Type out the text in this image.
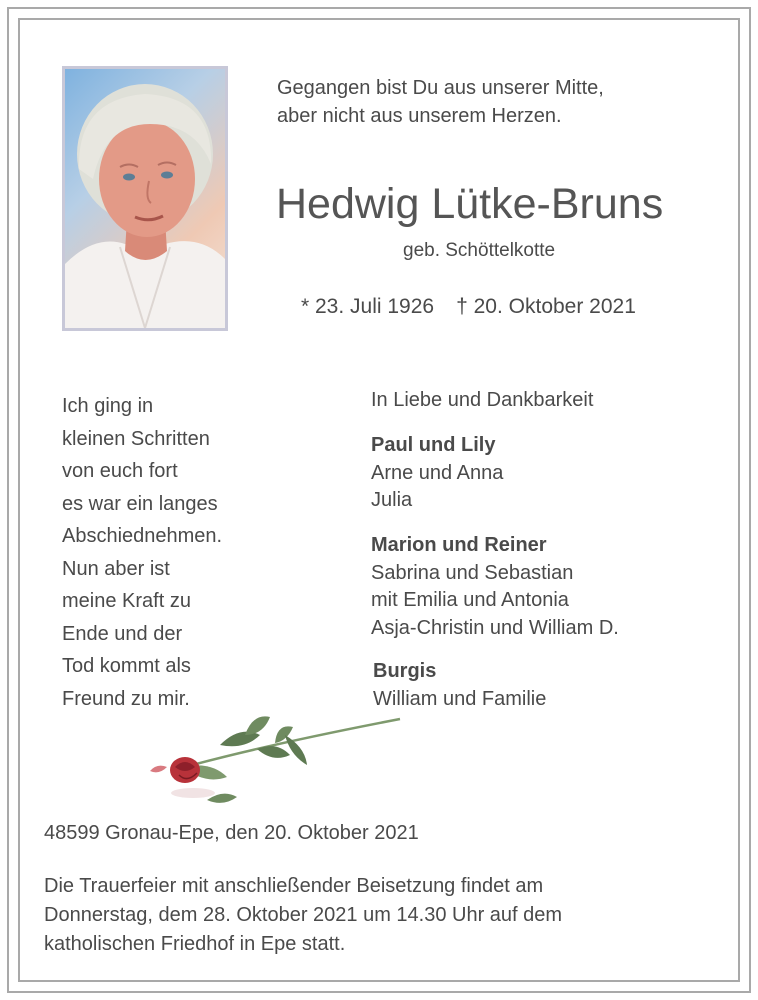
Gegangen bist Du aus unserer Mitte,
aber nicht aus unserem Herzen.
Hedwig Lütke-Bruns
geb. Schöttelkotte
* 23. Juli 1926 † 20. Oktober 2021
Ich ging in
kleinen Schritten
von euch fort
es war ein langes
Abschiednehmen.
Nun aber ist
meine Kraft zu
Ende und der
Tod kommt als
Freund zu mir.
In Liebe und Dankbarkeit
Paul und Lily
Arne und Anna
Julia
Marion und Reiner
Sabrina und Sebastian
mit Emilia und Antonia
Asja-Christin und William D.
Burgis
William und Familie
48599 Gronau-Epe, den 20. Oktober 2021
Die Trauerfeier mit anschließender Beisetzung findet am
Donnerstag, dem 28. Oktober 2021 um 14.30 Uhr auf dem
katholischen Friedhof in Epe statt.
